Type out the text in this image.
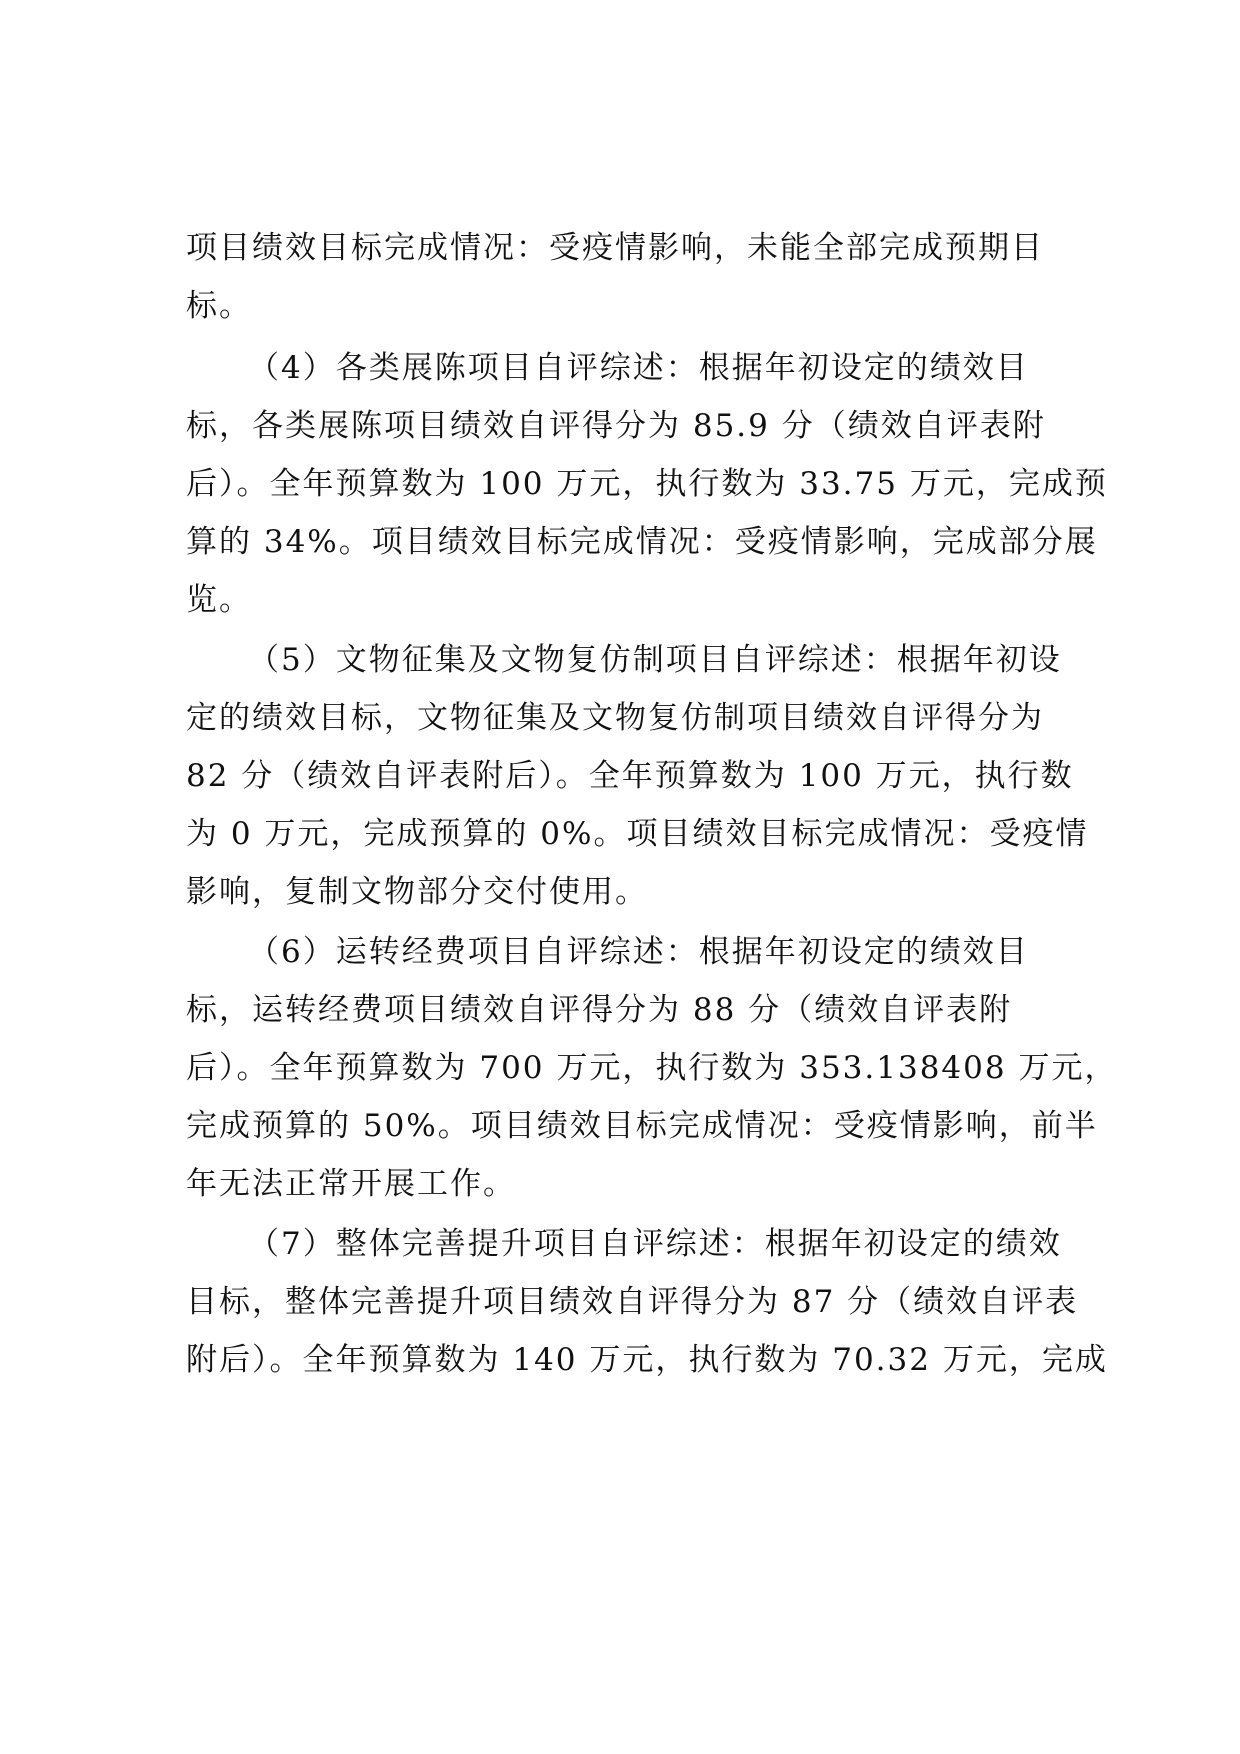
项目绩效目标完成情况：受疫情影响，未能全部完成预期目
标。
（4）各类展陈项目自评综述：根据年初设定的绩效目
标，各类展陈项目绩效自评得分为 85.9 分（绩效自评表附
后）。全年预算数为 100 万元，执行数为 33.75 万元，完成预
算的 34%。项目绩效目标完成情况：受疫情影响，完成部分展
览。
（5）文物征集及文物复仿制项目自评综述：根据年初设
定的绩效目标，文物征集及文物复仿制项目绩效自评得分为
82 分（绩效自评表附后）。全年预算数为 100 万元，执行数
为 0 万元，完成预算的 0%。项目绩效目标完成情况：受疫情
影响，复制文物部分交付使用。
（6）运转经费项目自评综述：根据年初设定的绩效目
标，运转经费项目绩效自评得分为 88 分（绩效自评表附
后）。全年预算数为 700 万元，执行数为 353.138408 万元，
完成预算的 50%。项目绩效目标完成情况：受疫情影响，前半
年无法正常开展工作。
（7）整体完善提升项目自评综述：根据年初设定的绩效
目标，整体完善提升项目绩效自评得分为 87 分（绩效自评表
附后）。全年预算数为 140 万元，执行数为 70.32 万元，完成
